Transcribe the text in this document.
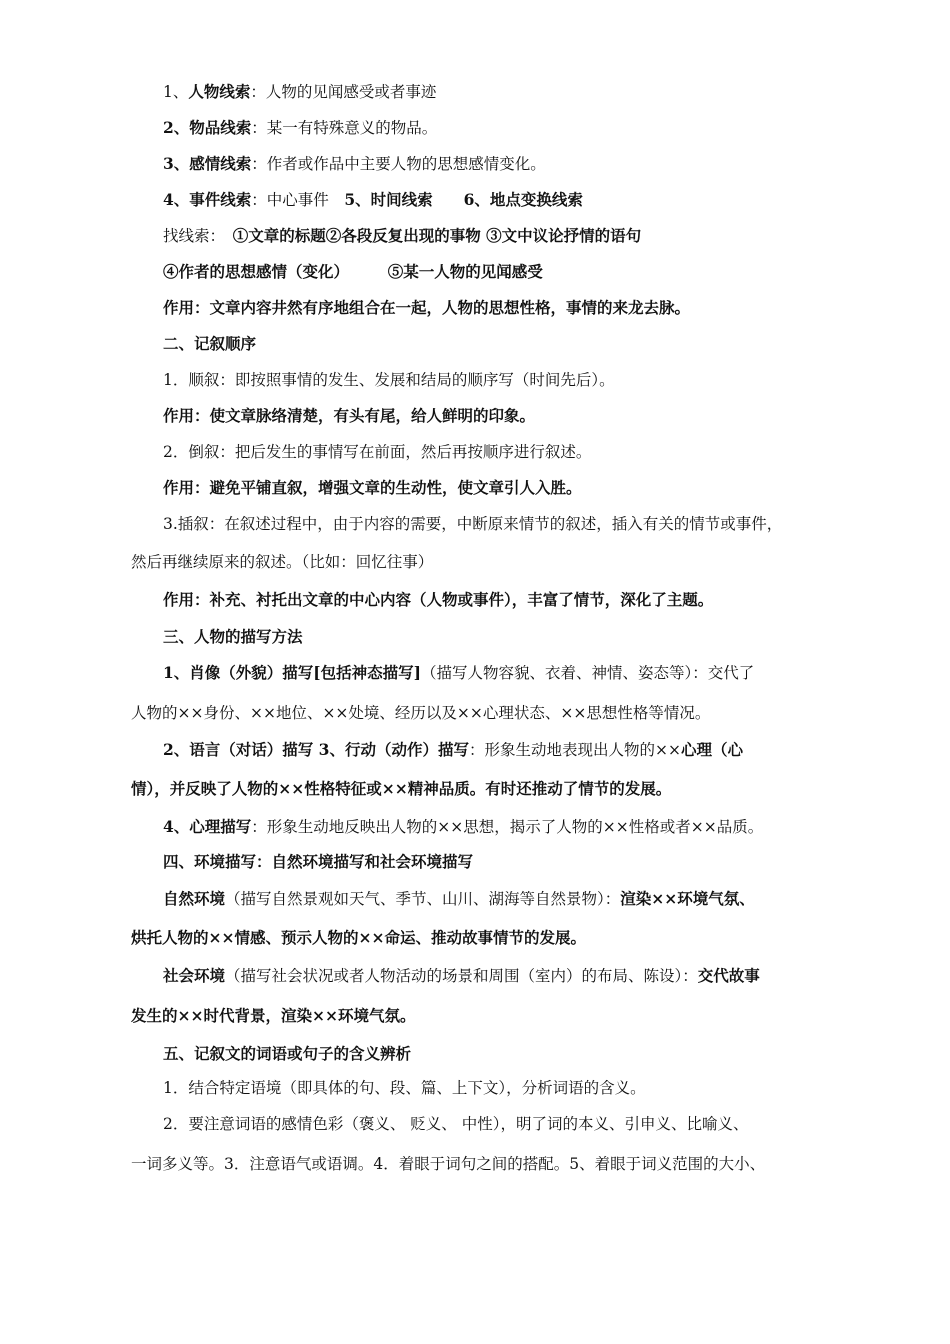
1、人物线索：人物的见闻感受或者事迹
2、物品线索：某一有特殊意义的物品。
3、感情线索：作者或作品中主要人物的思想感情变化。
4、事件线索：中心事件　5、时间线索　　6、地点变换线索
找线索：　①文章的标题②各段反复出现的事物 ③文中议论抒情的语句
④作者的思想感情（变化）　　　⑤某一人物的见闻感受
作用：文章内容井然有序地组合在一起，人物的思想性格，事情的来龙去脉。
二、记叙顺序
1．顺叙：即按照事情的发生、发展和结局的顺序写（时间先后）。
作用：使文章脉络清楚，有头有尾，给人鲜明的印象。
2．倒叙：把后发生的事情写在前面，然后再按顺序进行叙述。
作用：避免平铺直叙，增强文章的生动性，使文章引人入胜。
3.插叙：在叙述过程中，由于内容的需要，中断原来情节的叙述，插入有关的情节或事件，
然后再继续原来的叙述。（比如：回忆往事）
作用：补充、衬托出文章的中心内容（人物或事件），丰富了情节，深化了主题。
三、人物的描写方法
1、肖像（外貌）描写[包括神态描写]（描写人物容貌、衣着、神情、姿态等）：交代了
人物的××身份、××地位、××处境、经历以及××心理状态、××思想性格等情况。
2、语言（对话）描写 3、行动（动作）描写：形象生动地表现出人物的××心理（心
情），并反映了人物的××性格特征或××精神品质。有时还推动了情节的发展。
4、心理描写：形象生动地反映出人物的××思想，揭示了人物的××性格或者××品质。
四、环境描写：自然环境描写和社会环境描写
自然环境（描写自然景观如天气、季节、山川、湖海等自然景物）：渲染××环境气氛、
烘托人物的××情感、预示人物的××命运、推动故事情节的发展。
社会环境（描写社会状况或者人物活动的场景和周围（室内）的布局、陈设）：交代故事
发生的××时代背景，渲染××环境气氛。
五、记叙文的词语或句子的含义辨析
1．结合特定语境（即具体的句、段、篇、上下文），分析词语的含义。
2．要注意词语的感情色彩（褒义、 贬义、 中性），明了词的本义、引申义、比喻义、
一词多义等。3．注意语气或语调。4．着眼于词句之间的搭配。5、着眼于词义范围的大小、
